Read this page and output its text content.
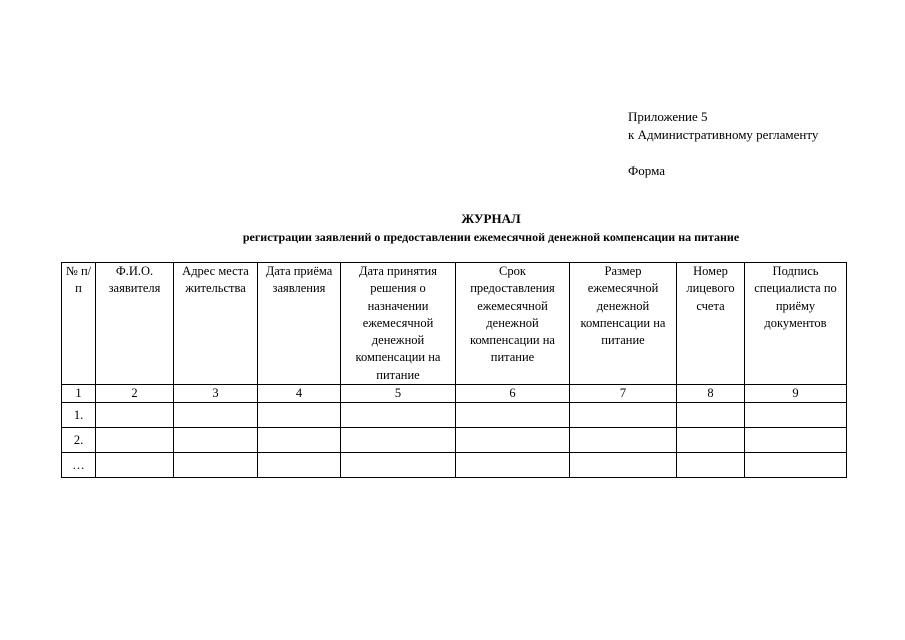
Приложение 5
к Административному регламенту
Форма
ЖУРНАЛ
регистрации заявлений о предоставлении ежемесячной денежной компенсации на питание
№ п/п	Ф.И.О. заявителя	Адрес места жительства	Дата приёма заявления	Дата принятия решения о назначении ежемесячной денежной компенсации на питание	Срок предоставления ежемесячной денежной компенсации на питание	Размер ежемесячной денежной компенсации на питание	Номер лицевого счета	Подпись специалиста по приёму документов
1	2	3	4	5	6	7	8	9
1.								
2.								
…								
